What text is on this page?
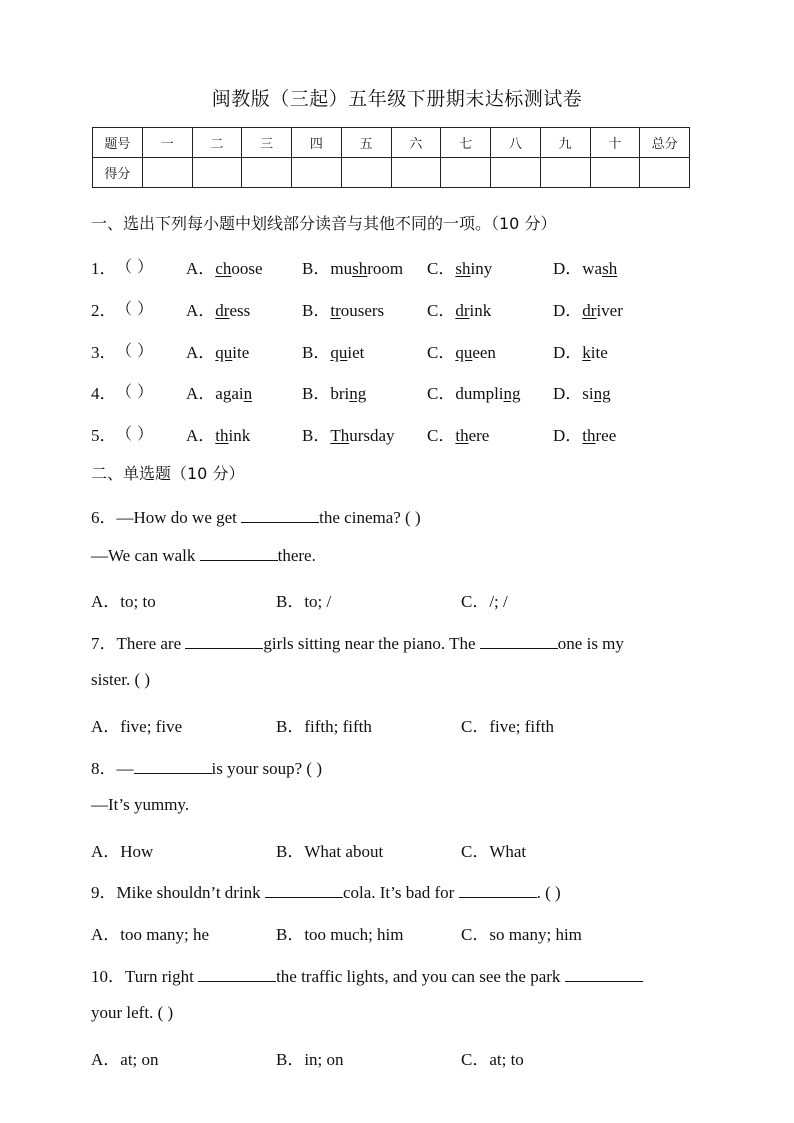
闽教版（三起）五年级下册期末达标测试卷
题号	一	二	三	四	五	六	七	八	九	十	总分
得分											
一、选出下列每小题中划线部分读音与其他不同的一项。（10 分）
1． （ ） A．choose B．mushroom C．shiny	D．wash
2． （ ） A．dress	B．trousers	C．drink	D．driver
3． （ ） A．quite	B．quiet	C．queen	D．kite
4． （ ） A．again	B．bring	C．dumpling D．sing
5． （ ） A．think	B．Thursday C．there	D．three
二、单选题（10 分）
6．—How do we get	the cinema? ( )
—We can walk	there.
A．to; to	B．to; /	C．/; /
7．There are	girls sitting near the piano. The	one is my
sister. ( )
A．five; five	B．fifth; fifth	C．five; fifth
8．—	is your soup? ( )
—It’s yummy.
A．How	B．What about	C．What
9．Mike shouldn’t drink	cola. It’s bad for	. ( )
A．too many; he	B．too much; him	C．so many; him
10．Turn right	the traffic lights, and you can see the park
your left. ( )
A．at; on	B．in; on	C．at; to
